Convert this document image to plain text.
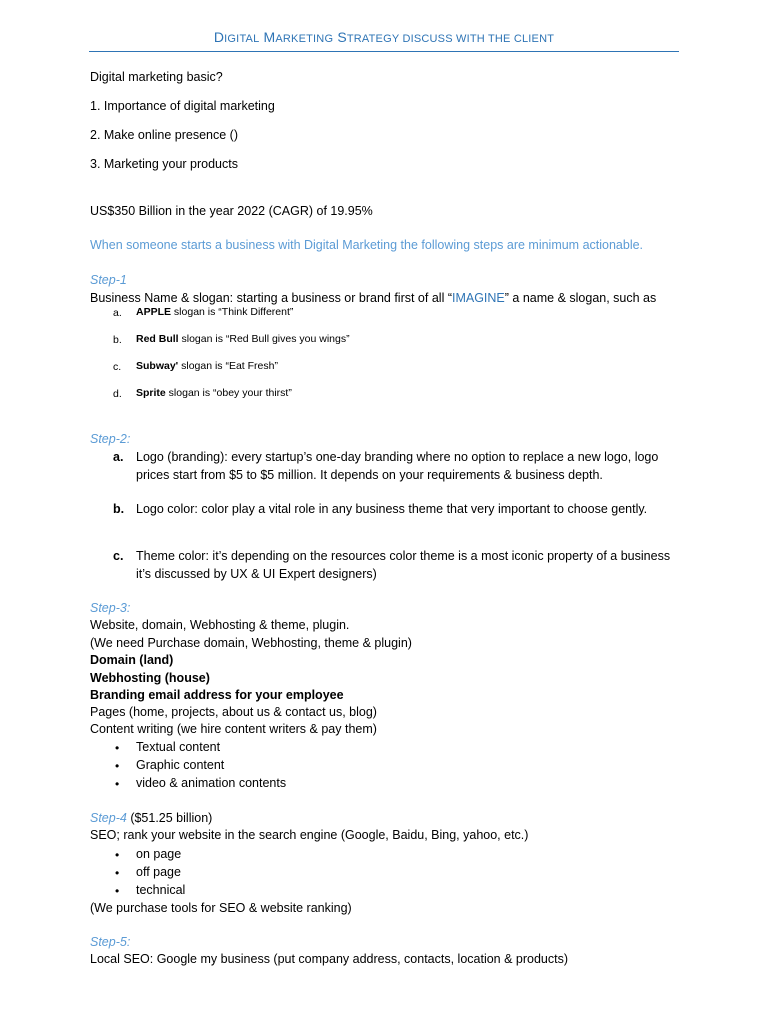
DIGITAL MARKETING STRATEGY DISCUSS WITH THE CLIENT
Digital marketing basic?
1. Importance of digital marketing
2. Make online presence ()
3. Marketing your products
US$350 Billion in the year 2022 (CAGR) of 19.95%
When someone starts a business with Digital Marketing the following steps are minimum actionable.
Step-1
Business Name & slogan: starting a business or brand first of all “IMAGINE” a name & slogan, such as
a. APPLE slogan is “Think Different”
b. Red Bull slogan is “Red Bull gives you wings”
c. Subway' slogan is “Eat Fresh”
d. Sprite slogan is “obey your thirst”
Step-2:
a. Logo (branding): every startup’s one-day branding where no option to replace a new logo, logo prices start from $5 to $5 million. It depends on your requirements & business depth.
b. Logo color: color play a vital role in any business theme that very important to choose gently.
c. Theme color: it’s depending on the resources color theme is a most iconic property of a business it’s discussed by UX & UI Expert designers)
Step-3:
Website, domain, Webhosting & theme, plugin.
(We need Purchase domain, Webhosting, theme & plugin)
Domain (land)
Webhosting (house)
Branding email address for your employee
Pages (home, projects, about us & contact us, blog)
Content writing (we hire content writers & pay them)
• Textual content
• Graphic content
• video & animation contents
Step-4 ($51.25 billion)
SEO; rank your website in the search engine (Google, Baidu, Bing, yahoo, etc.)
• on page
• off page
• technical
(We purchase tools for SEO & website ranking)
Step-5:
Local SEO: Google my business (put company address, contacts, location & products)
